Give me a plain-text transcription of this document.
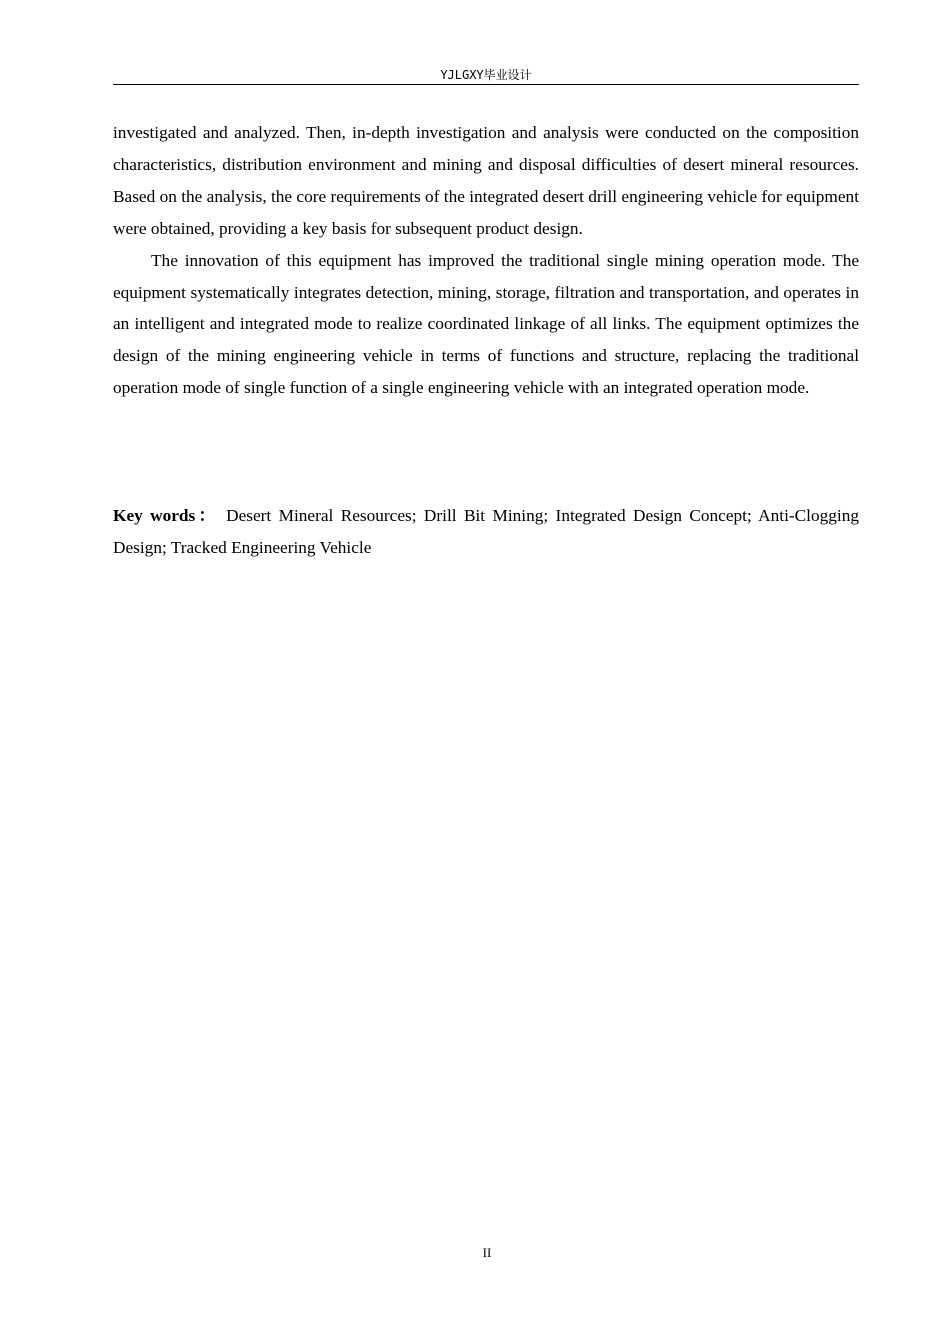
YJLGXY毕业设计

investigated and analyzed. Then, in-depth investigation and analysis were conducted on the composition characteristics, distribution environment and mining and disposal difficulties of desert mineral resources. Based on the analysis, the core requirements of the integrated desert drill engineering vehicle for equipment were obtained, providing a key basis for subsequent product design.

The innovation of this equipment has improved the traditional single mining operation mode. The equipment systematically integrates detection, mining, storage, filtration and transportation, and operates in an intelligent and integrated mode to realize coordinated linkage of all links. The equipment optimizes the design of the mining engineering vehicle in terms of functions and structure, replacing the traditional operation mode of single function of a single engineering vehicle with an integrated operation mode.

Key words： Desert Mineral Resources; Drill Bit Mining; Integrated Design Concept; Anti-Clogging Design; Tracked Engineering Vehicle
II
